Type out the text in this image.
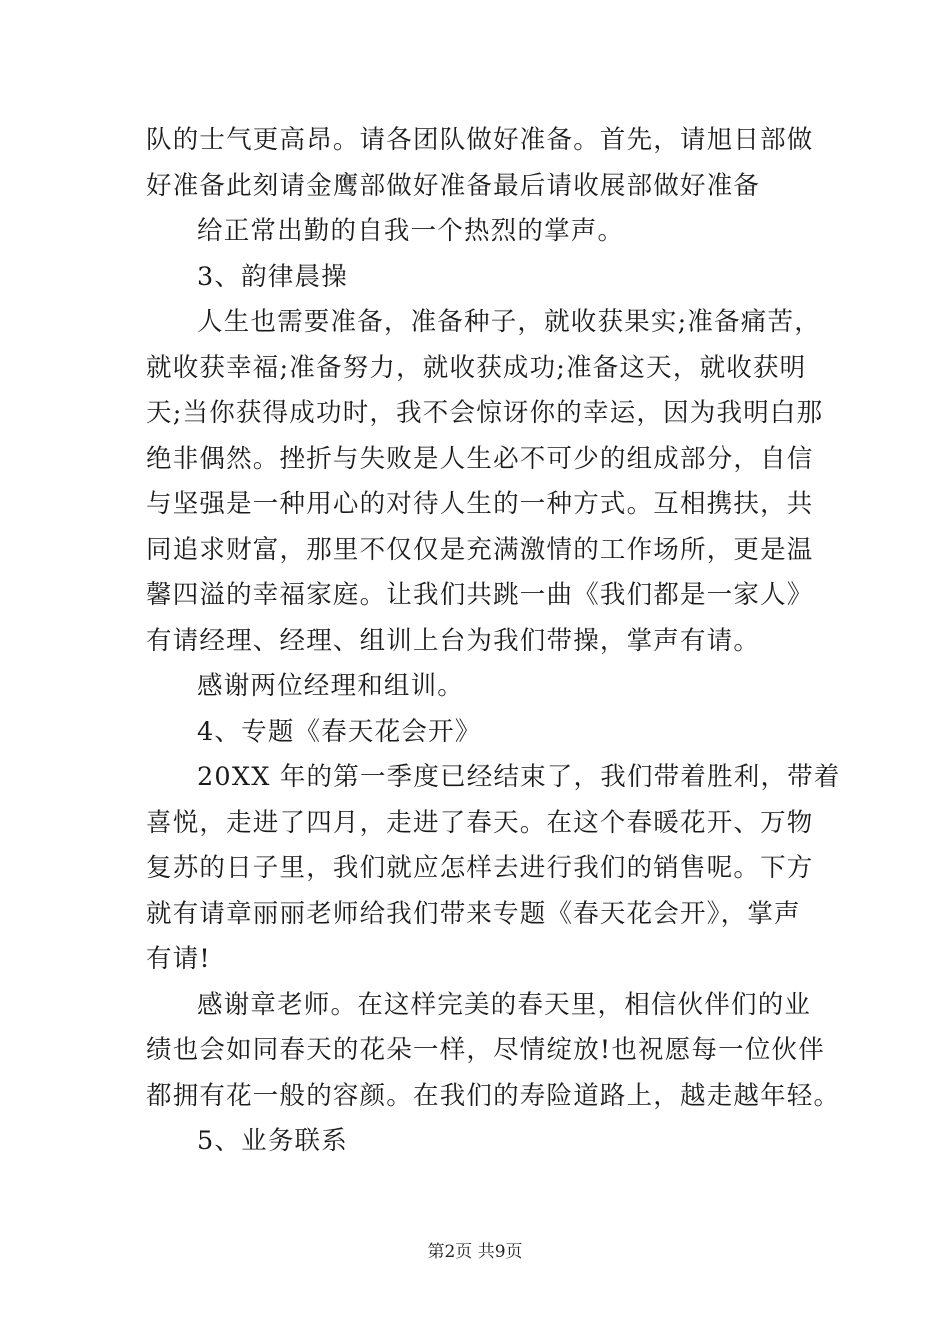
队的士气更高昂。请各团队做好准备。首先，请旭日部做
好准备此刻请金鹰部做好准备最后请收展部做好准备
给正常出勤的自我一个热烈的掌声。
3、韵律晨操
人生也需要准备，准备种子，就收获果实;准备痛苦，
就收获幸福;准备努力，就收获成功;准备这天，就收获明
天;当你获得成功时，我不会惊讶你的幸运，因为我明白那
绝非偶然。挫折与失败是人生必不可少的组成部分，自信
与坚强是一种用心的对待人生的一种方式。互相携扶，共
同追求财富，那里不仅仅是充满激情的工作场所，更是温
馨四溢的幸福家庭。让我们共跳一曲《我们都是一家人》
有请经理、经理、组训上台为我们带操，掌声有请。
感谢两位经理和组训。
4、专题《春天花会开》
20XX 年的第一季度已经结束了，我们带着胜利，带着
喜悦，走进了四月，走进了春天。在这个春暖花开、万物
复苏的日子里，我们就应怎样去进行我们的销售呢。下方
就有请章丽丽老师给我们带来专题《春天花会开》，掌声
有请!
感谢章老师。在这样完美的春天里，相信伙伴们的业
绩也会如同春天的花朵一样，尽情绽放!也祝愿每一位伙伴
都拥有花一般的容颜。在我们的寿险道路上，越走越年轻。
5、业务联系
第2页 共9页
